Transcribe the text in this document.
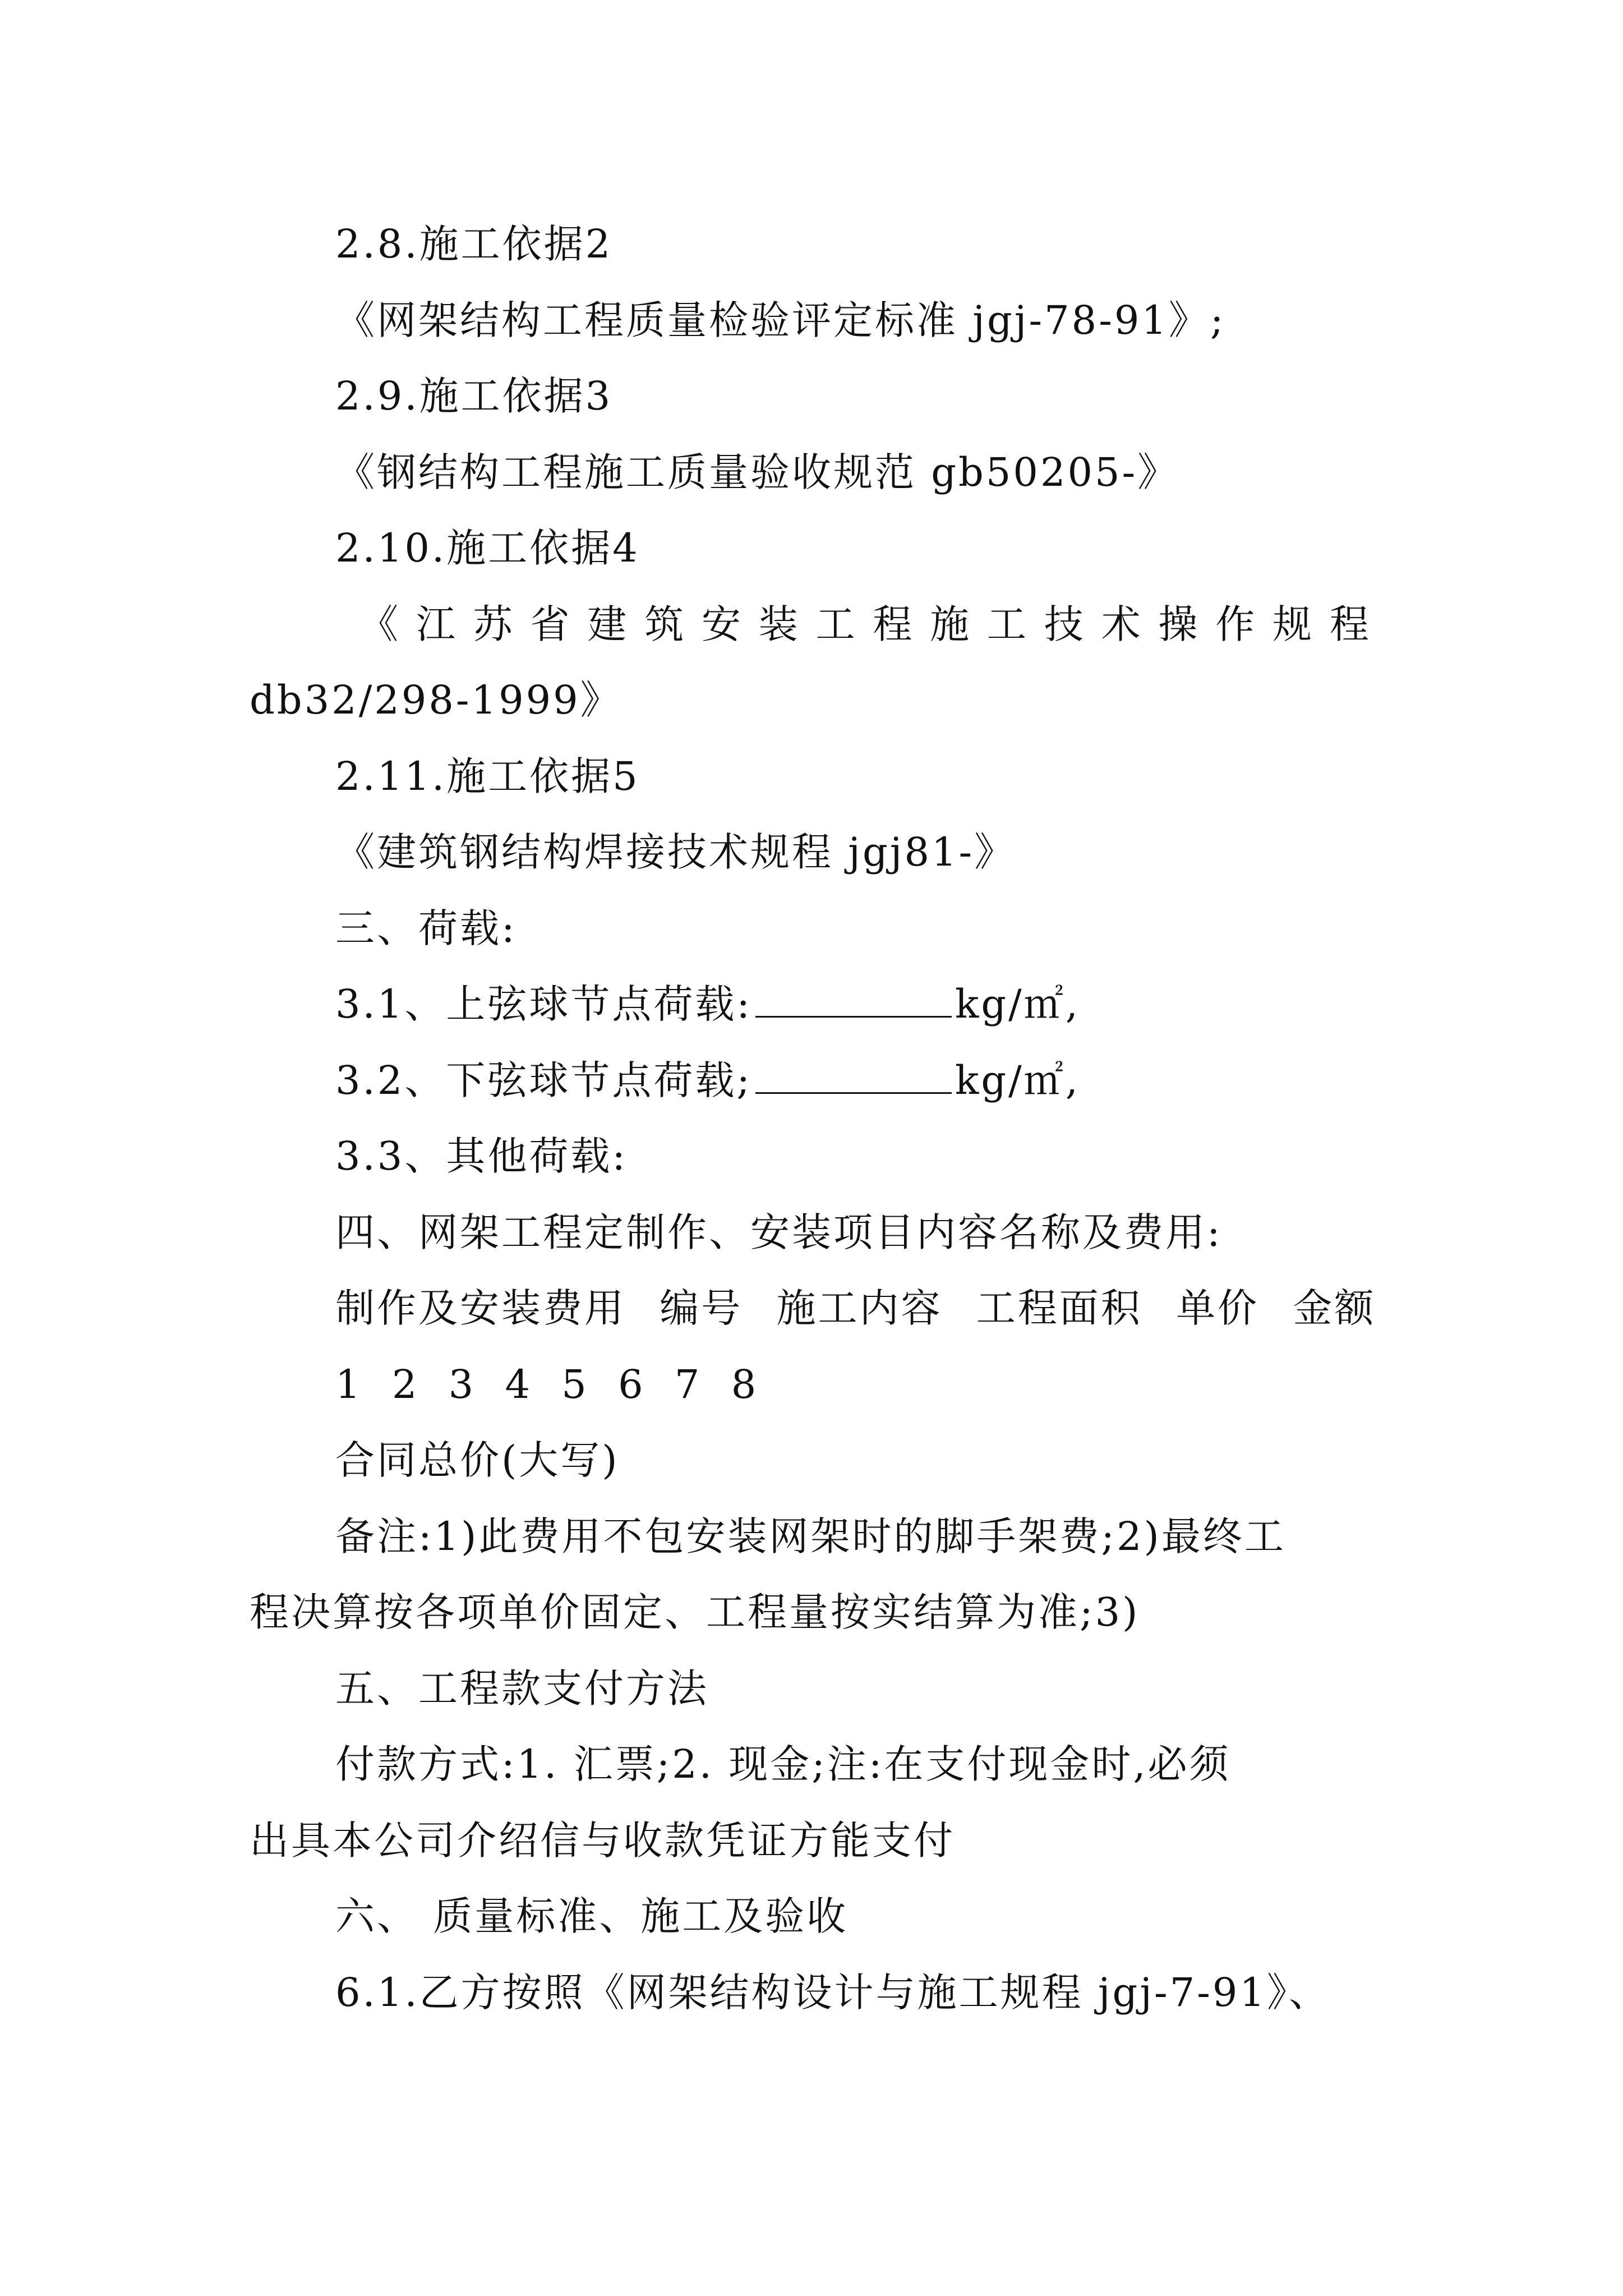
2.8.施工依据2
《网架结构工程质量检验评定标准 jgj-78-91》;
2.9.施工依据3
《钢结构工程施工质量验收规范 gb50205-》
2.10.施工依据4
《 江 苏 省 建 筑 安 装 工 程 施 工 技 术 操 作 规 程
db32/298-1999》
2.11.施工依据5
《建筑钢结构焊接技术规程 jgj81-》
三、荷载:
3.1、上弦球节点荷载:	kg/㎡,
3.2、下弦球节点荷载;	kg/㎡,
3.3、其他荷载:
四、网架工程定制作、安装项目内容名称及费用:
制作及安装费用 编号 施工内容 工程面积 单价 金额
1 2 3 4 5 6 7 8
合同总价(大写)
备注:1)此费用不包安装网架时的脚手架费;2)最终工
程决算按各项单价固定、工程量按实结算为准;3)
五、工程款支付方法
付款方式:1. 汇票;2. 现金;注:在支付现金时,必须
出具本公司介绍信与收款凭证方能支付
六、 质量标准、施工及验收
6.1.乙方按照《网架结构设计与施工规程 jgj-7-91》、
